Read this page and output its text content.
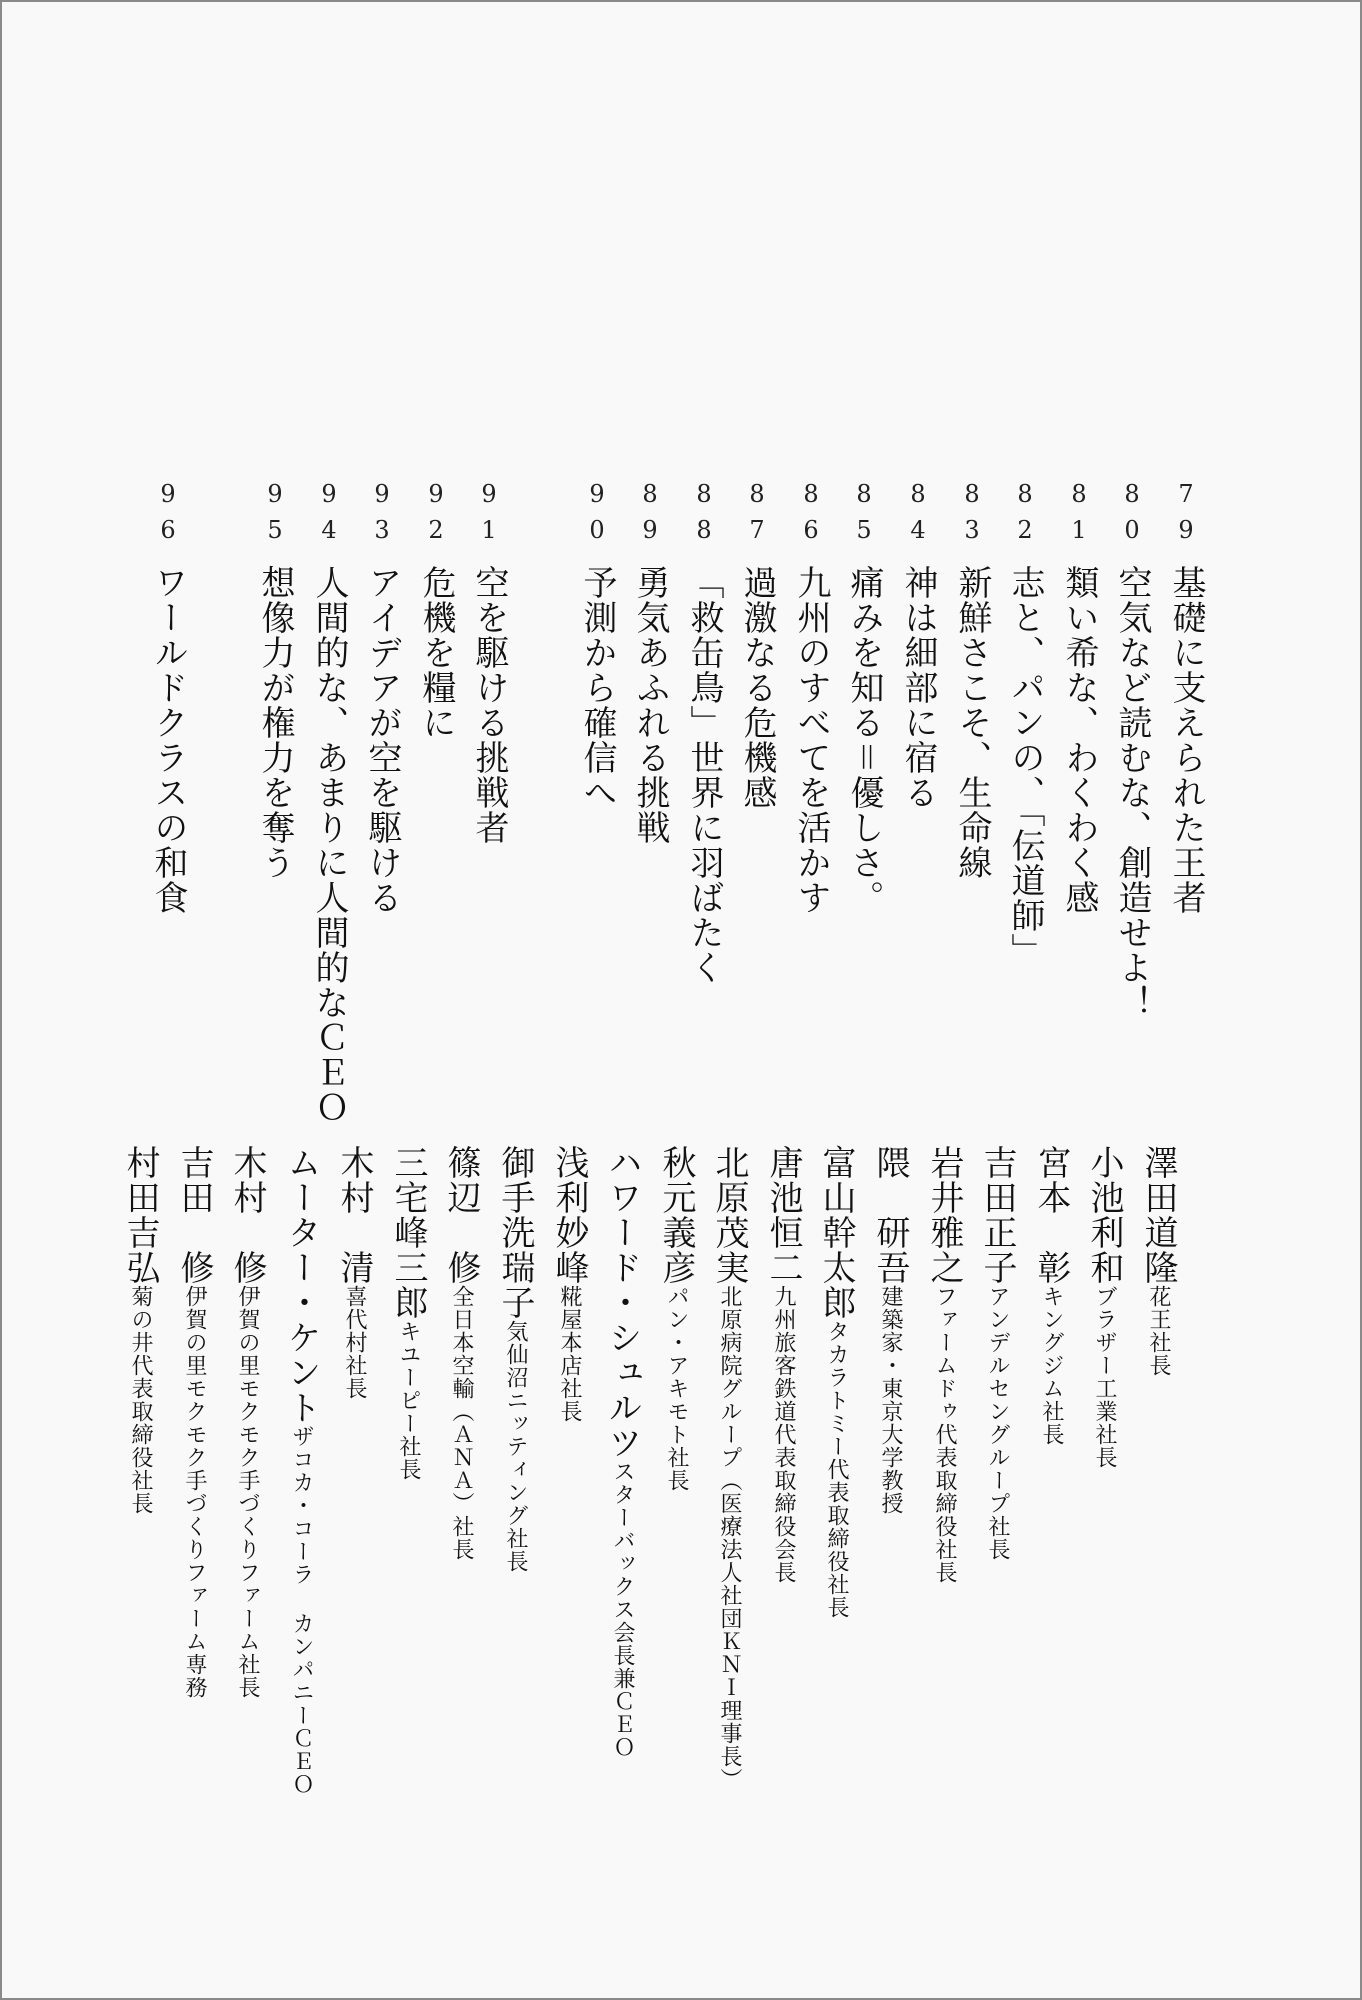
79
80
81
82
83
84
85
86
87
88
89
90
91
92
93
94
95
96
基礎に支えられた王者
空気など読むな、創造せよ！
類い希な、わくわく感
志と、パンの、「伝道師」
新鮮さこそ、生命線
神は細部に宿る
痛みを知る＝優しさ。
九州のすべてを活かす
過激なる危機感
「救缶鳥」世界に羽ばたく
勇気あふれる挑戦
予測から確信へ
空を駆ける挑戦者
危機を糧に
アイデアが空を駆ける
人間的な、あまりに人間的なＣＥＯ
想像力が権力を奪う
ワールドクラスの和食
澤田道隆花王社長
小池利和ブラザー工業社長
宮本　彰キングジム社長
吉田正子アンデルセングループ社長
岩井雅之ファームドゥ代表取締役社長
隈　研吾建築家・東京大学教授
富山幹太郎タカラトミー代表取締役社長
唐池恒二九州旅客鉄道代表取締役会長
北原茂実北原病院グループ（医療法人社団ＫＮＩ理事長）
秋元義彦パン・アキモト社長
ハワード・シュルツスターバックス会長兼ＣＥＯ
浅利妙峰糀屋本店社長
御手洗瑞子気仙沼ニッティング社長
篠辺　修全日本空輸（ＡＮＡ）社長
三宅峰三郎キユーピー社長
木村　清喜代村社長
ムーター・ケントザコカ・コーラ カンパニーＣＥＯ
木村　修伊賀の里モクモク手づくりファーム社長
吉田　修伊賀の里モクモク手づくりファーム専務
村田吉弘菊の井代表取締役社長
